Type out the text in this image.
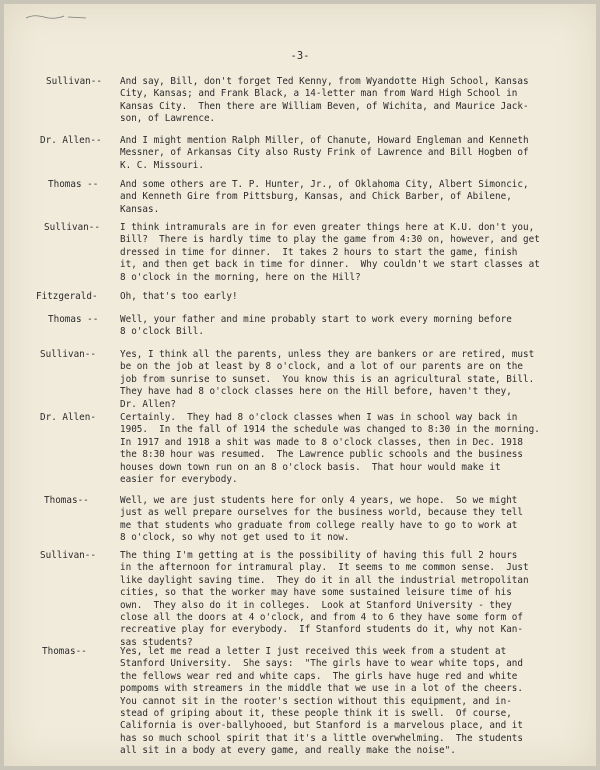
-3-
Sullivan-- And say, Bill, don't forget Ted Kenny, from Wyandotte High School, Kansas
City, Kansas; and Frank Black, a 14-letter man from Ward High School in
Kansas City.  Then there are William Beven, of Wichita, and Maurice Jack-
son, of Lawrence.
Dr. Allen-- And I might mention Ralph Miller, of Chanute, Howard Engleman and Kenneth
Messner, of Arkansas City also Rusty Frink of Lawrence and Bill Hogben of
K. C. Missouri.
Thomas -- And some others are T. P. Hunter, Jr., of Oklahoma City, Albert Simoncic,
and Kenneth Gire from Pittsburg, Kansas, and Chick Barber, of Abilene,
Kansas.
Sullivan-- I think intramurals are in for even greater things here at K.U. don't you,
Bill?  There is hardly time to play the game from 4:30 on, however, and get
dressed in time for dinner.  It takes 2 hours to start the game, finish
it, and then get back in time for dinner.  Why couldn't we start classes at
8 o'clock in the morning, here on the Hill?
Fitzgerald- Oh, that's too early!
Thomas -- Well, your father and mine probably start to work every morning before
8 o'clock Bill.
Sullivan--	Yes, I think all the parents, unless they are bankers or are retired, must
be on the job at least by 8 o'clock, and a lot of our parents are on the
job from sunrise to sunset.  You know this is an agricultural state, Bill.
They have had 8 o'clock classes here on the Hill before, haven't they,
Dr. Allen?
Dr. Allen-	Certainly.  They had 8 o'clock classes when I was in school way back in
1905.  In the fall of 1914 the schedule was changed to 8:30 in the morning.
In 1917 and 1918 a shit was made to 8 o'clock classes, then in Dec. 1918
the 8:30 hour was resumed.  The Lawrence public schools and the business
houses down town run on an 8 o'clock basis.  That hour would make it
easier for everybody.
Thomas--	Well, we are just students here for only 4 years, we hope.  So we might
just as well prepare ourselves for the business world, because they tell
me that students who graduate from college really have to go to work at
8 o'clock, so why not get used to it now.
Sullivan--	The thing I'm getting at is the possibility of having this full 2 hours
in the afternoon for intramural play.  It seems to me common sense.  Just
like daylight saving time.  They do it in all the industrial metropolitan
cities, so that the worker may have some sustained leisure time of his
own.  They also do it in colleges.  Look at Stanford University - they
close all the doors at 4 o'clock, and from 4 to 6 they have some form of
recreative play for everybody.  If Stanford students do it, why not Kan-
sas students?
Thomas--	Yes, let me read a letter I just received this week from a student at
Stanford University.  She says:  "The girls have to wear white tops, and
the fellows wear red and white caps.  The girls have huge red and white
pompoms with streamers in the middle that we use in a lot of the cheers.
You cannot sit in the rooter's section without this equipment, and in-
stead of griping about it, these people think it is swell.  Of course,
California is over-ballyhooed, but Stanford is a marvelous place, and it
has so much school spirit that it's a little overwhelming.  The students
all sit in a body at every game, and really make the noise".
